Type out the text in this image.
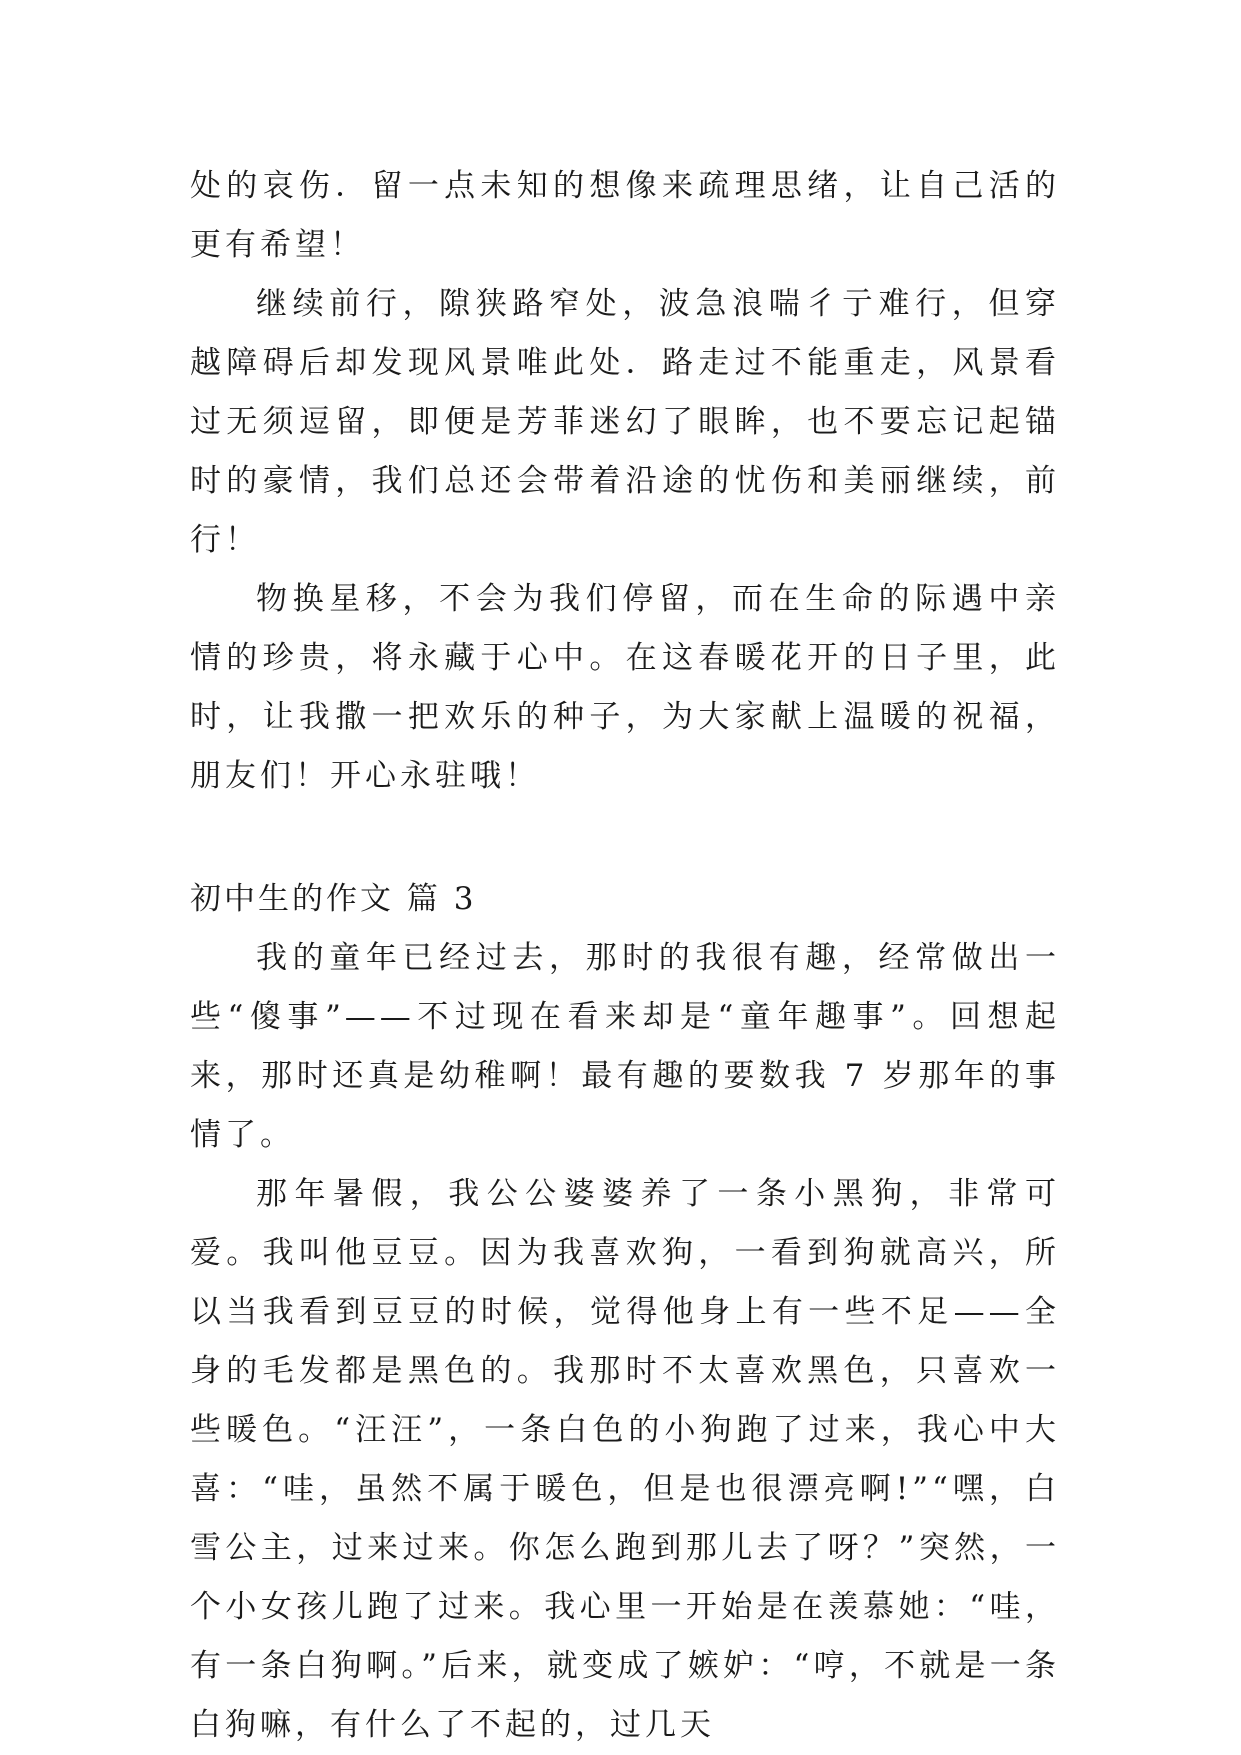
处的哀伤．留一点未知的想像来疏理思绪，让自己活的更有希望！

继续前行，隙狭路窄处，波急浪喘彳亍难行，但穿越障碍后却发现风景唯此处．路走过不能重走，风景看过无须逗留，即便是芳菲迷幻了眼眸，也不要忘记起锚时的豪情，我们总还会带着沿途的忧伤和美丽继续，前行！

物换星移，不会为我们停留，而在生命的际遇中亲情的珍贵，将永藏于心中。在这春暖花开的日子里，此时，让我撒一把欢乐的种子，为大家献上温暖的祝福，朋友们！开心永驻哦！

初中生的作文 篇 3

我的童年已经过去，那时的我很有趣，经常做出一些“傻事”——不过现在看来却是“童年趣事”。回想起来，那时还真是幼稚啊！最有趣的要数我 7 岁那年的事情了。

那年暑假，我公公婆婆养了一条小黑狗，非常可爱。我叫他豆豆。因为我喜欢狗，一看到狗就高兴，所以当我看到豆豆的时候，觉得他身上有一些不足——全身的毛发都是黑色的。我那时不太喜欢黑色，只喜欢一些暖色。“汪汪”，一条白色的小狗跑了过来，我心中大喜：“哇，虽然不属于暖色，但是也很漂亮啊!”“嘿，白雪公主，过来过来。你怎么跑到那儿去了呀？”突然，一个小女孩儿跑了过来。我心里一开始是在羡慕她：“哇，有一条白狗啊。”后来，就变成了嫉妒：“哼，不就是一条白狗嘛，有什么了不起的，过几天
